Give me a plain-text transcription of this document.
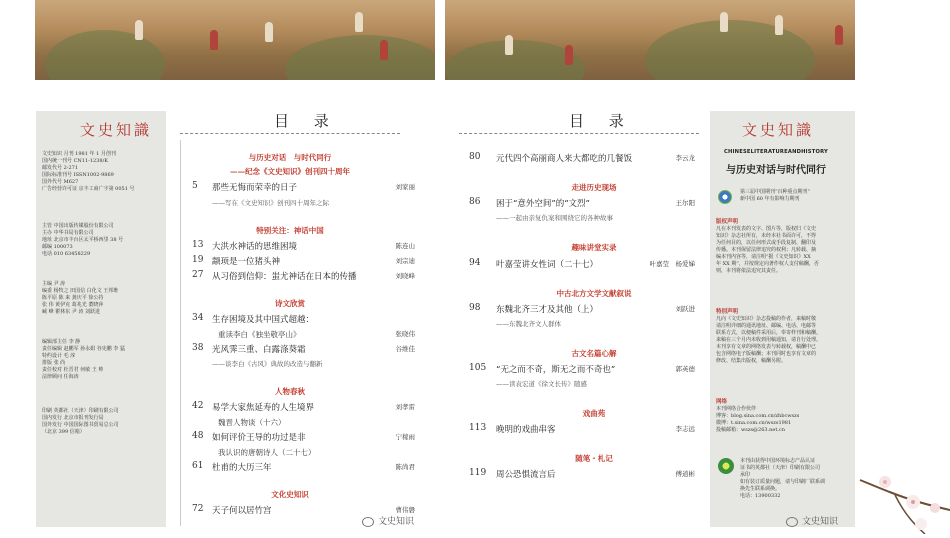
文史知識
文史知识 月刊 1981 年 1 月创刊
国内统一刊号 CN11-1238/K
邮发代号 2-271
国际标准刊号 ISSN1002-9869
国外代号 M627
广告经营许可证 京丰工商广字第 0051 号
主管 中国出版传媒股份有限公司
主办 中华书局有限公司
地址 北京市丰台区太平桥西里 38 号
邮编 100073
电话 010 63458229
主编 尹 涛
编委 杨牧之 田国信 白化文 王邦维
陈平原 陈 来 龚庆平 徐公持
张 伟 黄伊克 葛兆光 董晓萍
臧 峰 瞿林东 尹 涛 刘跃进
编辑部主任 李 静
责任编辑 赵鹏军 孙永娟 谷宪鹏 李 猛
特约设计 毛 淳
排版 张 尚
责任校对 杜晋君 何敏 王 帅
法律顾问 任海涛
印刷 英都社（天津）印刷有限公司
国内发行 北京市报刊发行局
国外发行 中国国际图书贸易总公司
（北京 399 信箱）
目 录
与历史对话　与时代同行
——纪念《文史知识》创刊四十周年
5 那些无悔而荣幸的日子	刘家丽
——写在《文史知识》创刊四十周年之际
特别关注：神话中国
13 大洪水神话的思维困境	陈连山
19 颛顼是一位猪头神	刘宗迪
27 从习俗到信仰：蚩尤神话在日本的传播	刘晓峰
诗文欣赏
34 生存困境及其中国式超越：
重读李白《独坐敬亭山》	张晓伟
38 光风霁三重、白露涤葵霜	谷维佳
——谈李白《古风》典故的改造与翻新
人物春秋
42 易学大家焦延寿的人生境界	刘孝雷
魏晋人物谈（十六）
48 如何评价王导的功过是非	宁稼雨
我认识的唐朝诗人（二十七）
61 杜甫的大历三年	陈尚君
文化史知识
72 天子何以居竹宫	曹伟磐
目 录
80 元代四个高丽商人来大都吃的几餐饭	李云龙
走进历史现场
86 困于“意外空间”的“文烈”	王尔阳
——一起由亲复仇案和围绕它的各种故事
趣味讲堂实录
94 叶嘉莹讲女性词（二十七）	叶嘉莹　杨爱娣
中古北方文学文献叙说
98 东魏北齐三才及其他（上）	刘跃进
——东魏北齐文人群体
古文名篇心解
105 “无之而不奇，斯无之而不奇也”	郭英德
——读袁宏道《徐文长传》随感
戏曲苑
113 晚明的戏曲串客	李志远
随笔・札记
119 周公恐惧流言后	傅道彬
文史知識
CHINESELITERATUREANDHISTORY
与历史对话与时代同行
第三届中国期刊“百种重点期刊”
新中国 60 年有影响力期刊
版权声明
凡在本刊发表的文字、图片等，版权归《文史
知识》杂志社所有，未经本社书面许可，不得
为任何目的，以任何形式或手段复制、翻印及
传播。本刊保留法律追究的权利；凡转载、摘
编本刊内容等，请注明“据《文史知识》XX
年 XX 期”，并按规定向著作权人支付稿酬，否
则，本刊将依法追究其责任。
特别声明
凡向《文史知识》杂志投稿的作者，来稿时敬
请注明详细的通讯地址、邮编、电话、电邮等
联系方式，以便稿件采用后，奉寄样刊和稿酬。
来稿在三个月内未收到用稿通知，请自行处理。
本刊享有文章的网络发表与转载权，稿酬中已
包含网络电子版稿酬；本刊同时也享有文章的
修改、结集出版权，稿酬另附。
网络
本刊网络合作伙伴
博客：blog.sina.com.cn/zhbcwszs
微博：t.sina.com.cn/wszs1981
投稿邮箱：wszs@263.net.cn
本刊由获得中国环境标志产品认证
证书的英都社（天津）印刷有限公司
承印
如有装订质量问题，请与印刷厂联系调
换先生联系调换。
电话：13900332
文史知识	文史知识
